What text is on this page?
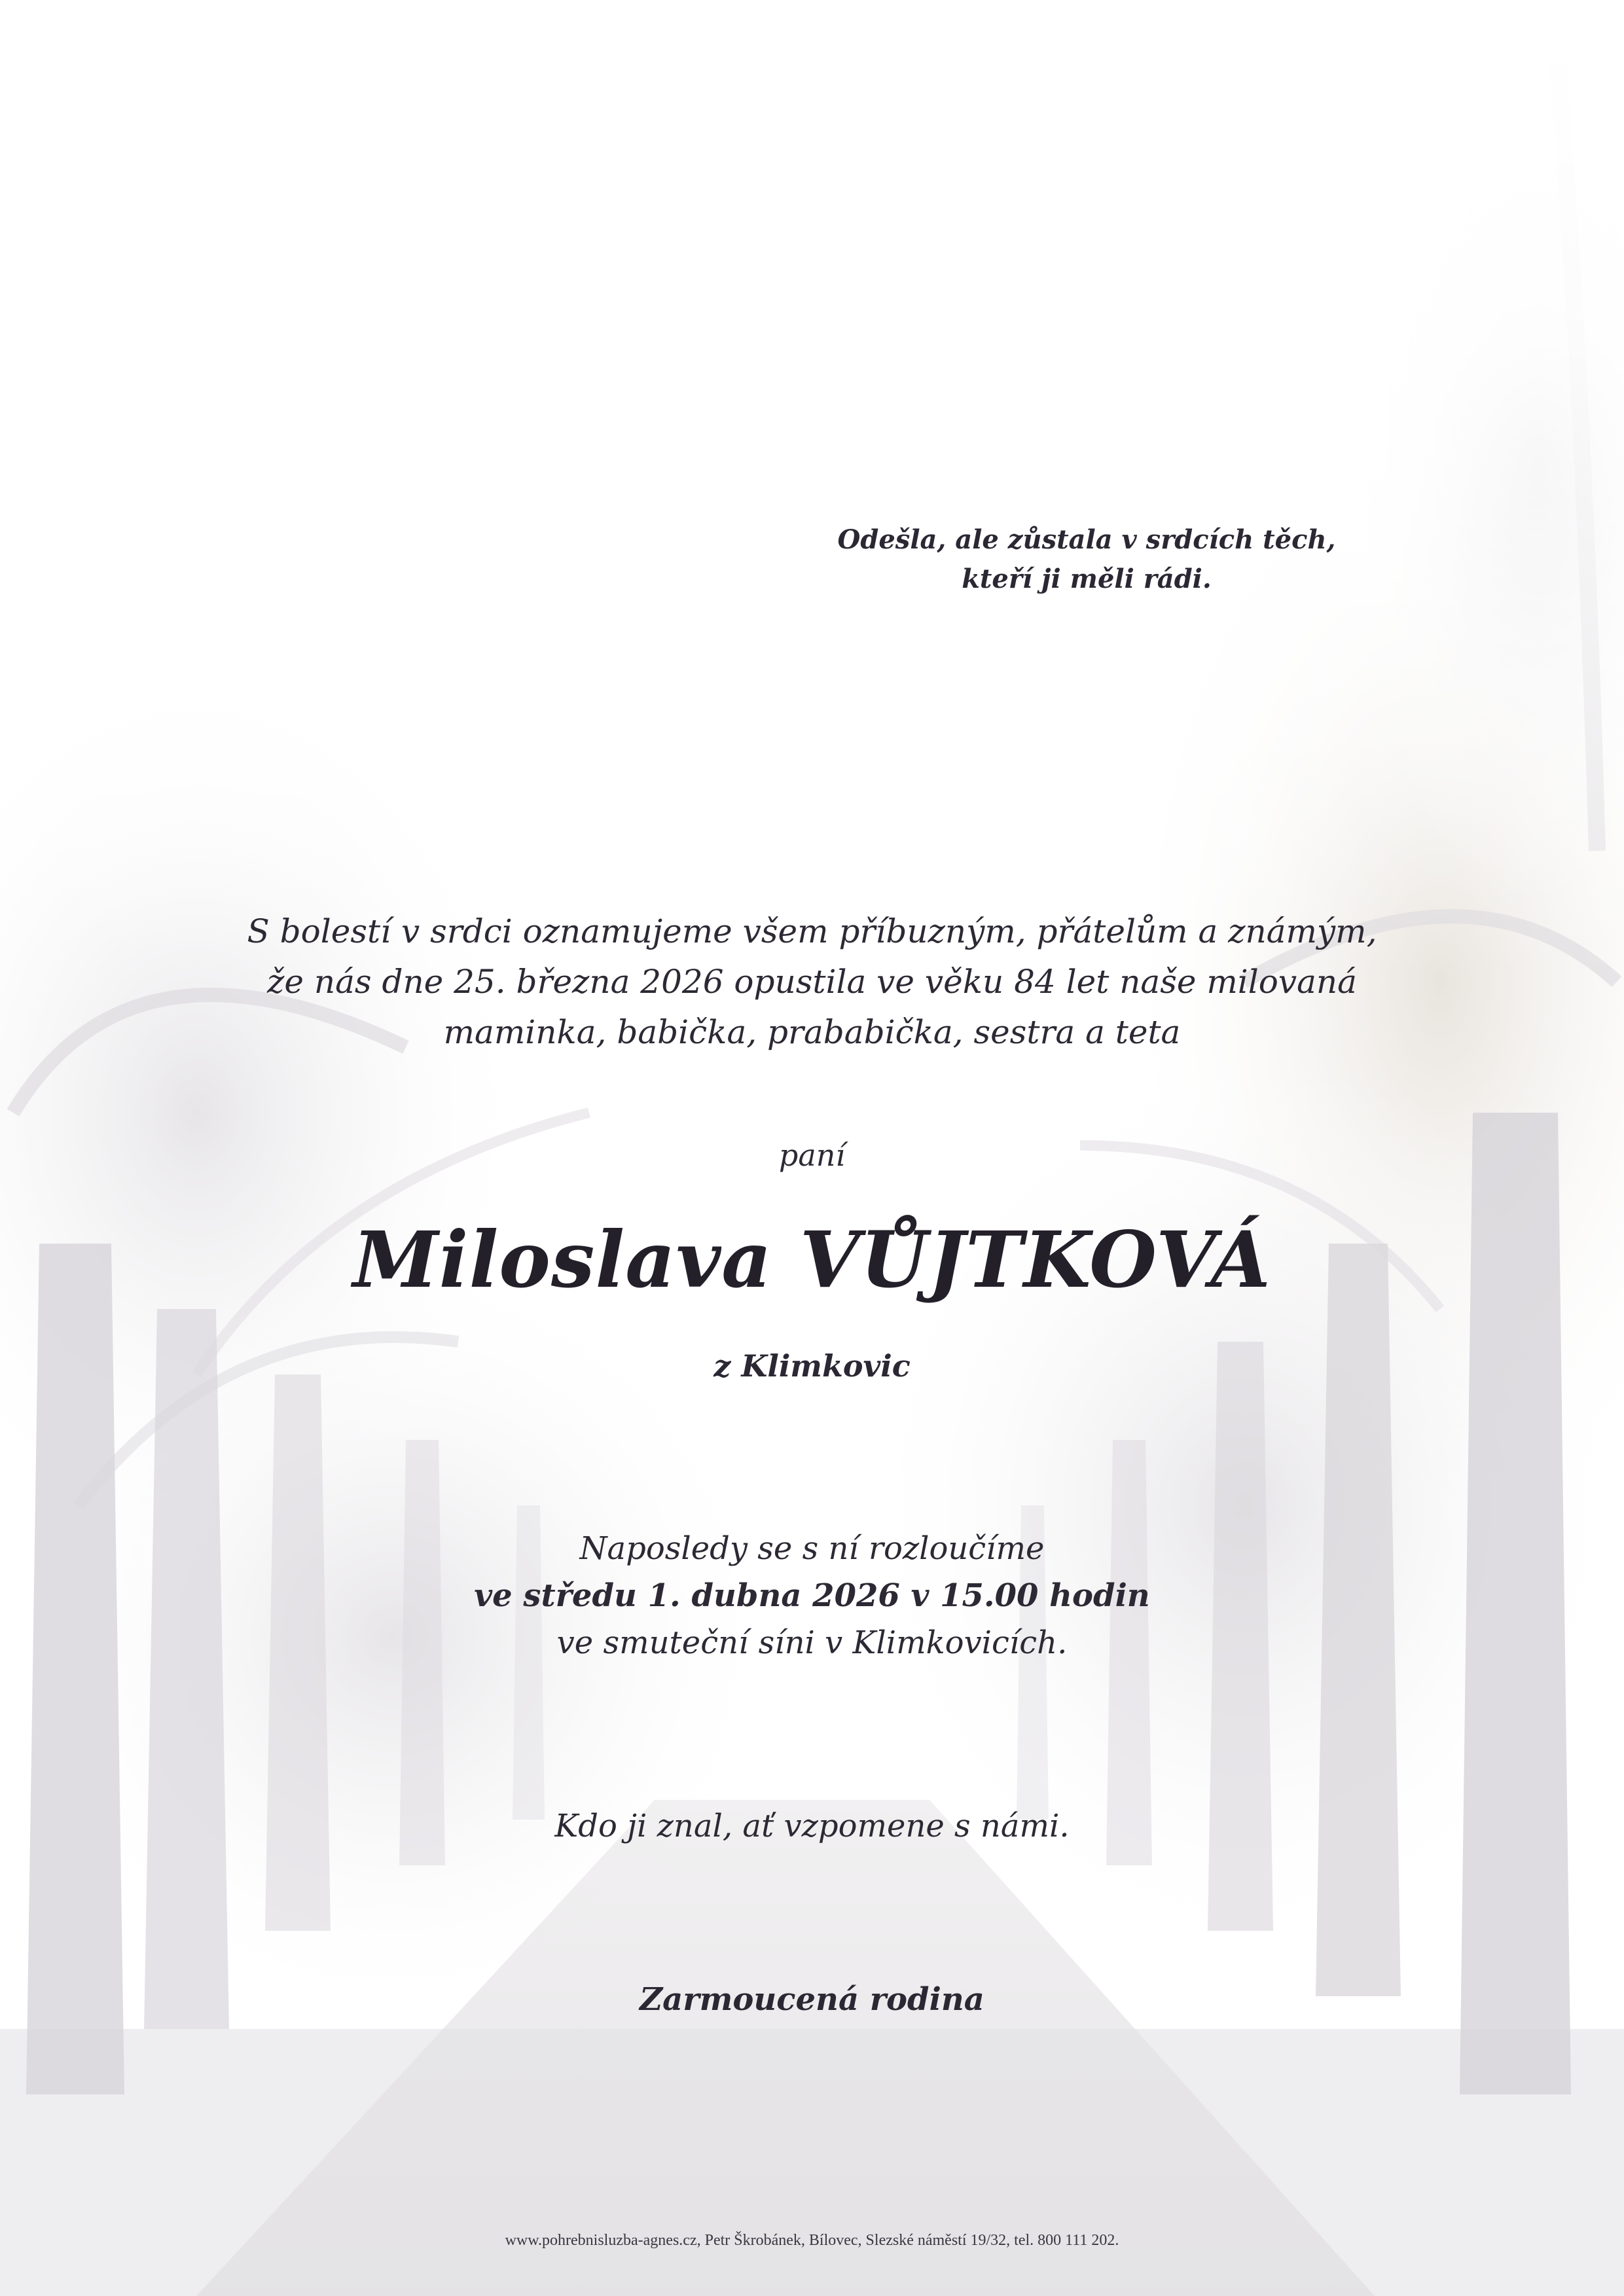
Odešla, ale zůstala v srdcích těch,
kteří ji měli rádi.
S bolestí v srdci oznamujeme všem příbuzným, přátelům a známým,
že nás dne 25. března 2026 opustila ve věku 84 let naše milovaná
maminka, babička, prababička, sestra a teta
paní
Miloslava VŮJTKOVÁ
z Klimkovic
Naposledy se s ní rozloučíme
ve středu 1. dubna 2026 v 15.00 hodin
ve smuteční síni v Klimkovicích.
Kdo ji znal, ať vzpomene s námi.
Zarmoucená rodina
www.pohrebnisluzba-agnes.cz, Petr Škrobánek, Bílovec, Slezské náměstí 19/32, tel. 800 111 202.
